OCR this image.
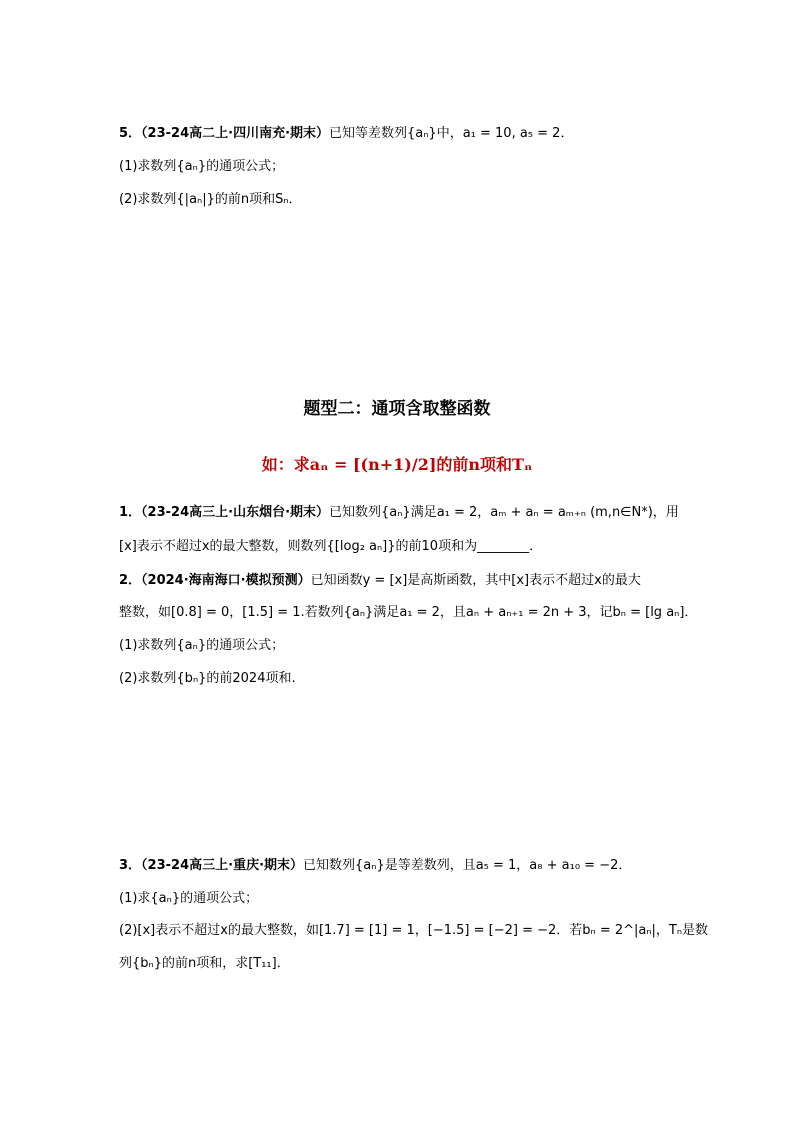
5．（23-24高二上·四川南充·期末）已知等差数列{aₙ}中，a₁ = 10, a₅ = 2．
(1)求数列{aₙ}的通项公式；
(2)求数列{|aₙ|}的前n项和Sₙ．
题型二：通项含取整函数
如：求aₙ = [(n+1)/2]的前n项和Tₙ
1．（23-24高三上·山东烟台·期末）已知数列{aₙ}满足a₁ = 2，aₘ + aₙ = aₘ₊ₙ (m,n∈N*)，用
[x]表示不超过x的最大整数，则数列{[log₂ aₙ]}的前10项和为________．
2．（2024·海南海口·模拟预测）已知函数y = [x]是高斯函数，其中[x]表示不超过x的最大
整数，如[0.8] = 0，[1.5] = 1.若数列{aₙ}满足a₁ = 2，且aₙ + aₙ₊₁ = 2n + 3，记bₙ = [lg aₙ]．
(1)求数列{aₙ}的通项公式；
(2)求数列{bₙ}的前2024项和.
3．（23-24高三上·重庆·期末）已知数列{aₙ}是等差数列，且a₅ = 1，a₈ + a₁₀ = −2．
(1)求{aₙ}的通项公式；
(2)[x]表示不超过x的最大整数，如[1.7] = [1] = 1，[−1.5] = [−2] = −2．若bₙ = 2^|aₙ|，Tₙ是数
列{bₙ}的前n项和，求[T₁₁]．
